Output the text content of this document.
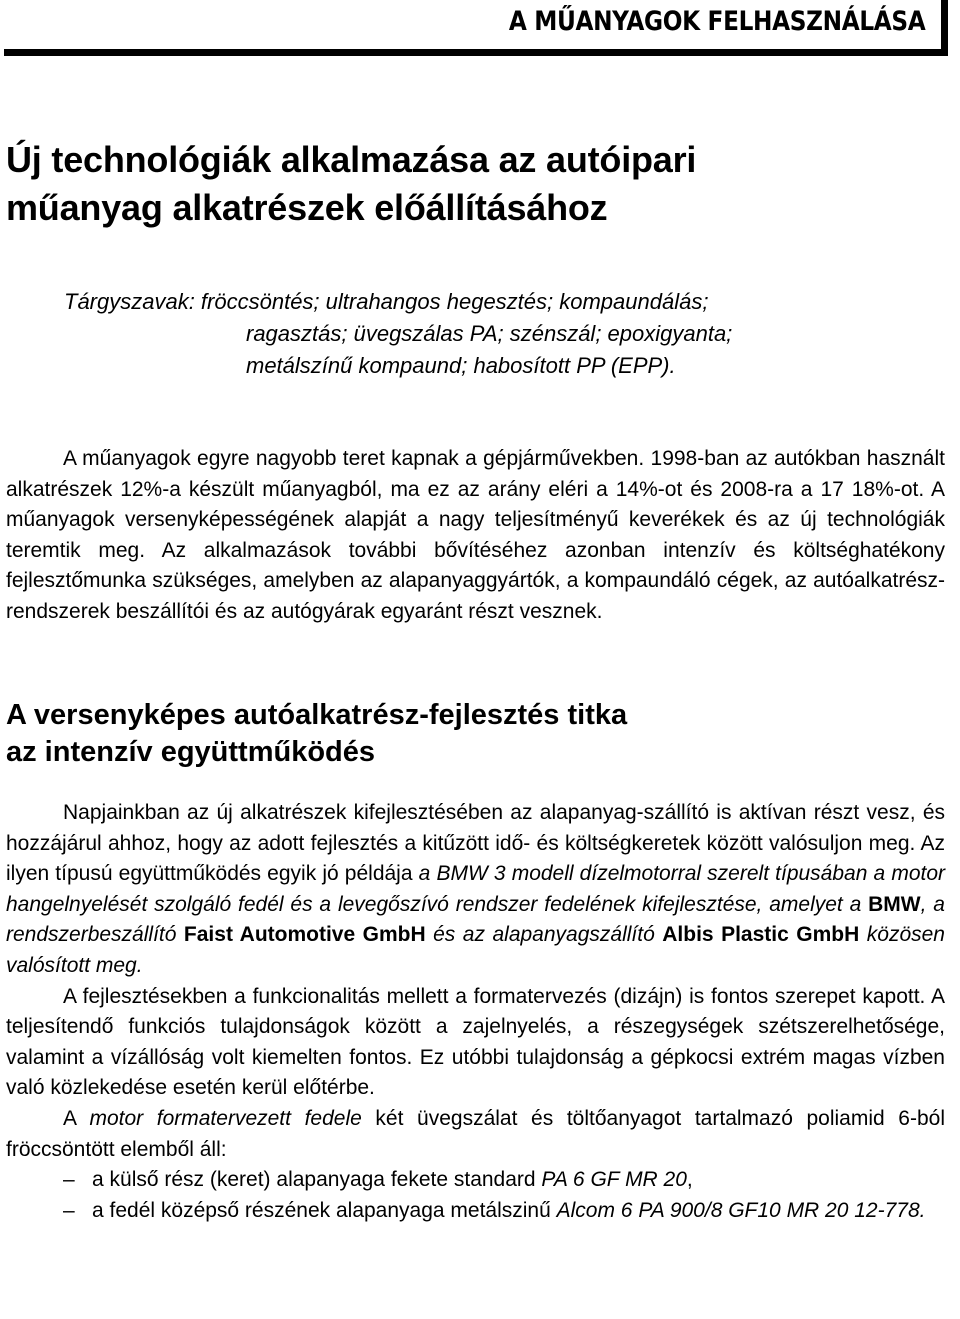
A MŰANYAGOK FELHASZNÁLÁSA
Új technológiák alkalmazása az autóipari
műanyag alkatrészek előállításához
Tárgyszavak: fröccsöntés; ultrahangos hegesztés; kompaundálás;
ragasztás; üvegszálas PA; szénszál; epoxigyanta;
metálszínű kompaund; habosított PP (EPP).

A műanyagok egyre nagyobb teret kapnak a gépjárművekben. 1998-ban az autókban használt alkatrészek 12%-a készült műanyagból, ma ez az arány eléri a 14%-ot és 2008-ra a 17 18%-ot. A műanyagok versenyképességének alapját a nagy teljesítményű keverékek és az új technológiák teremtik meg. Az alkalmazások további bővítéséhez azonban intenzív és költséghatékony fejlesztőmunka szükséges, amelyben az alapanyaggyártók, a kompaundáló cégek, az autóalkatrész-rendszerek beszállítói és az autógyárak egyaránt részt vesznek.

A versenyképes autóalkatrész-fejlesztés titka
az intenzív együttműködés

Napjainkban az új alkatrészek kifejlesztésében az alapanyag-szállító is aktívan részt vesz, és hozzájárul ahhoz, hogy az adott fejlesztés a kitűzött idő- és költségkeretek között valósuljon meg. Az ilyen típusú együttműködés egyik jó példája a BMW 3 modell dízelmotorral szerelt típusában a motor hangelnyelését szolgáló fedél és a levegőszívó rendszer fedelének kifejlesztése, amelyet a BMW, a rendszerbeszállító Faist Automotive GmbH és az alapanyagszállító Albis Plastic GmbH közösen valósított meg.

A fejlesztésekben a funkcionalitás mellett a formatervezés (dizájn) is fontos szerepet kapott. A teljesítendő funkciós tulajdonságok között a zajelnyelés, a részegységek szétszerelhetősége, valamint a vízállóság volt kiemelten fontos. Ez utóbbi tulajdonság a gépkocsi extrém magas vízben való közlekedése esetén kerül előtérbe.

A motor formatervezett fedele két üvegszálat és töltőanyagot tartalmazó poliamid 6-ból fröccsöntött elemből áll:

– a külső rész (keret) alapanyaga fekete standard PA 6 GF MR 20,
– a fedél középső részének alapanyaga metálszinű Alcom 6 PA 900/8 GF10 MR 20 12-778.
